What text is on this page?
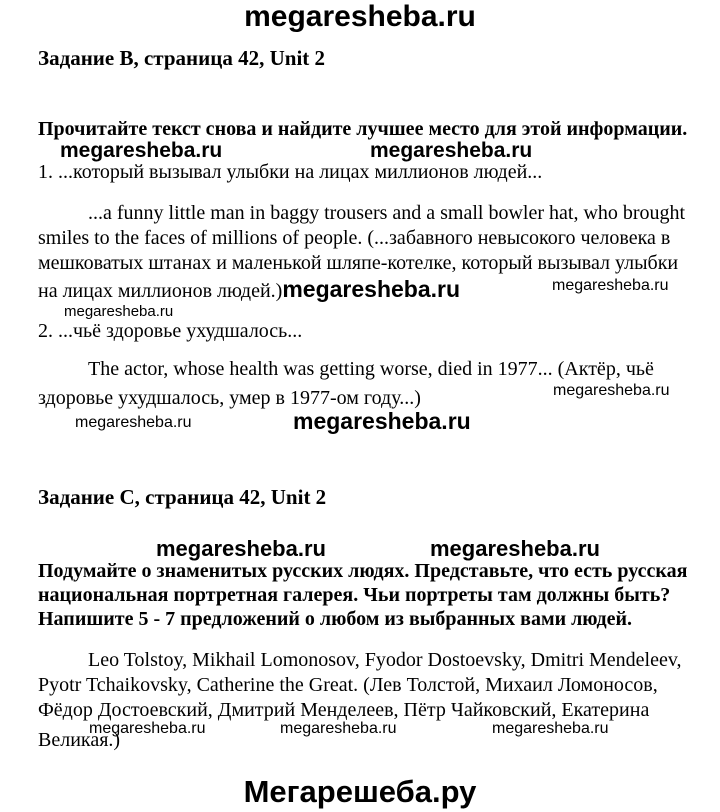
megaresheba.ru
Задание B, страница 42, Unit 2
Прочитайте текст снова и найдите лучшее место для этой информации.
megaresheba.ru	megaresheba.ru
1. ...который вызывал улыбки на лицах миллионов людей...
...a funny little man in baggy trousers and a small bowler hat, who brought
smiles to the faces of millions of people. (...забавного невысокого человека в
мешковатых штанах и маленькой шляпе-котелке, который вызывал улыбки
на лицах миллионов людей.)megaresheba.ru	megaresheba.ru
megaresheba.ru
2. ...чьё здоровье ухудшалось...
The actor, whose health was getting worse, died in 1977... (Актёр, чьё
megaresheba.ru
здоровье ухудшалось, умер в 1977-ом году...)
megaresheba.ru	megaresheba.ru
Задание C, страница 42, Unit 2
megaresheba.ru	megaresheba.ru
Подумайте о знаменитых русских людях. Представьте, что есть русская
национальная портретная галерея. Чьи портреты там должны быть?
Напишите 5 - 7 предложений о любом из выбранных вами людей.
Leo Tolstoy, Mikhail Lomonosov, Fyodor Dostoevsky, Dmitri Mendeleev,
Pyotr Tchaikovsky, Catherine the Great. (Лев Толстой, Михаил Ломоносов,
Фёдор Достоевский, Дмитрий Менделеев, Пётр Чайковский, Екатерина
megaresheba.ru	megaresheba.ru	megaresheba.ru
Великая.)
Мегарешеба.ру
